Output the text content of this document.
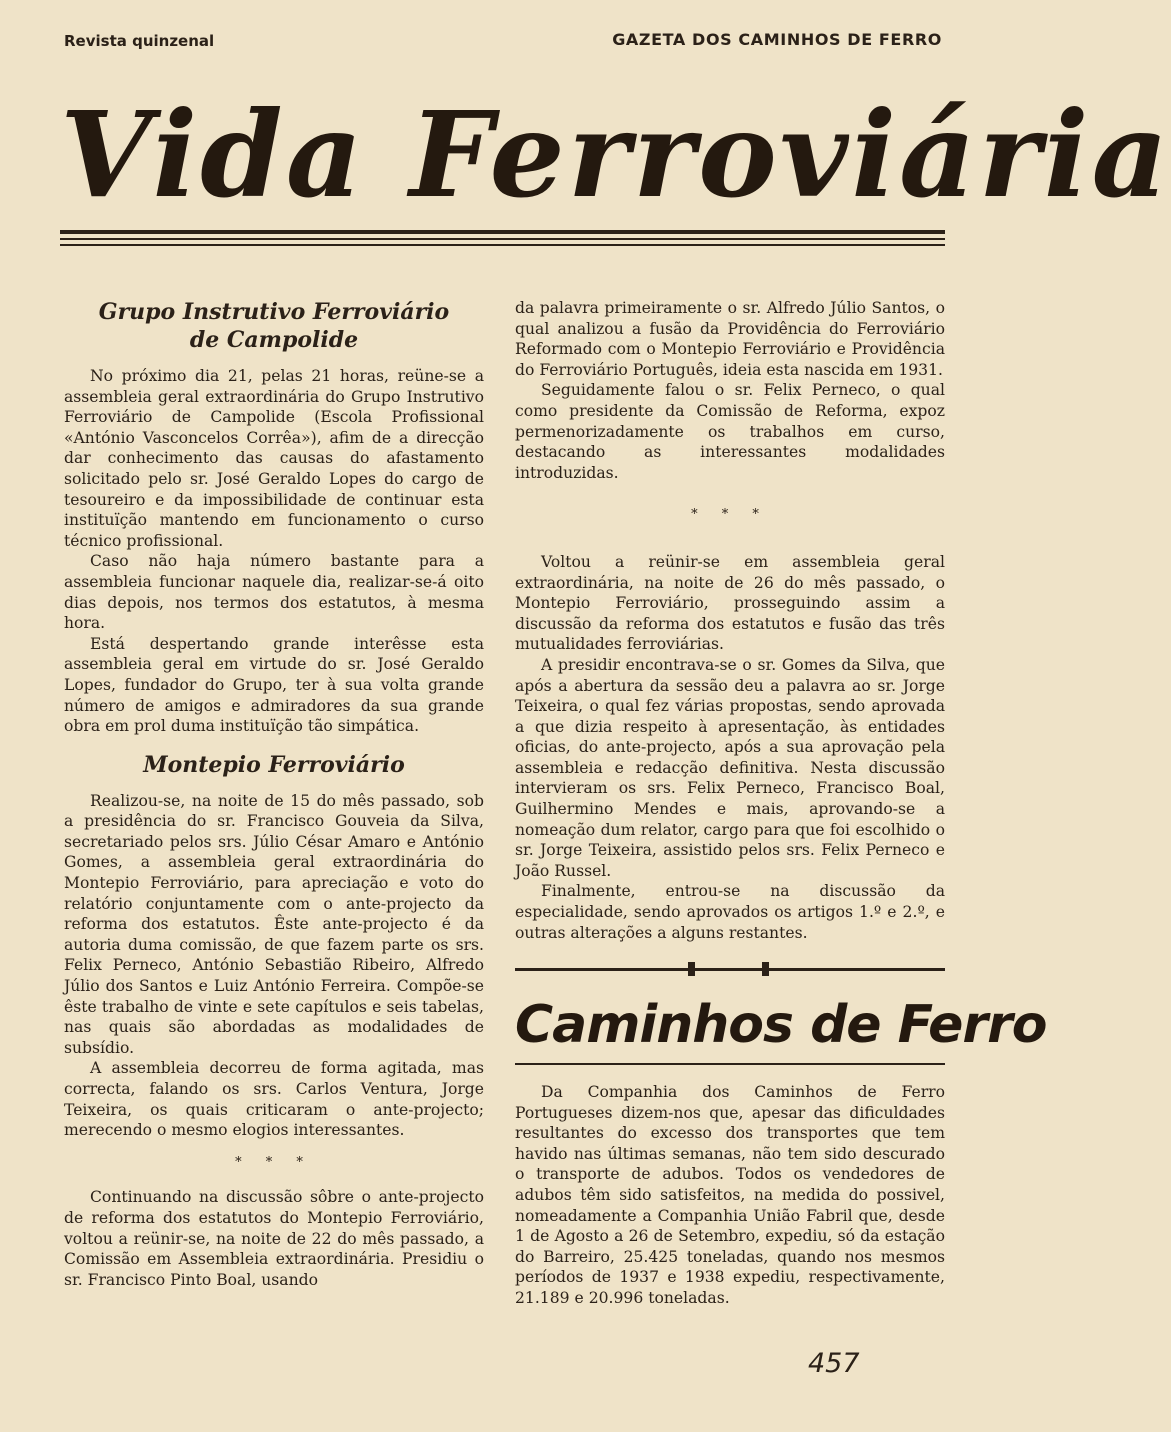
Revista quinzenal	GAZETA DOS CAMINHOS DE FERRO
Vida Ferroviária
Grupo Instrutivo Ferroviário
de Campolide

No próximo dia 21, pelas 21 horas, reüne-se a assembleia geral extraordinária do Grupo Instrutivo Ferroviário de Campolide (Escola Profissional «António Vasconcelos Corrêa»), afim de a direcção dar conhecimento das causas do afastamento solicitado pelo sr. José Geraldo Lopes do cargo de tesoureiro e da impossibilidade de continuar esta instituïção mantendo em funcionamento o curso técnico profissional.

Caso não haja número bastante para a assembleia funcionar naquele dia, realizar-se-á oito dias depois, nos termos dos estatutos, à mesma hora.

Está despertando grande interêsse esta assembleia geral em virtude do sr. José Geraldo Lopes, fundador do Grupo, ter à sua volta grande número de amigos e admiradores da sua grande obra em prol duma instituïção tão simpática.

Montepio Ferroviário

Realizou-se, na noite de 15 do mês passado, sob a presidência do sr. Francisco Gouveia da Silva, secretariado pelos srs. Júlio César Amaro e António Gomes, a assembleia geral extraordinária do Montepio Ferroviário, para apreciação e voto do relatório conjuntamente com o ante-projecto da reforma dos estatutos. Êste ante-projecto é da autoria duma comissão, de que fazem parte os srs. Felix Perneco, António Sebastião Ribeiro, Alfredo Júlio dos Santos e Luiz António Ferreira. Compõe-se êste trabalho de vinte e sete capítulos e seis tabelas, nas quais são abordadas as modalidades de subsídio.

A assembleia decorreu de forma agitada, mas correcta, falando os srs. Carlos Ventura, Jorge Teixeira, os quais criticaram o ante-projecto; merecendo o mesmo elogios interessantes.

* * *

Continuando na discussão sôbre o ante-projecto de reforma dos estatutos do Montepio Ferroviário, voltou a reünir-se, na noite de 22 do mês passado, a Comissão em Assembleia extraordinária. Presidiu o sr. Francisco Pinto Boal, usando

da palavra primeiramente o sr. Alfredo Júlio Santos, o qual analizou a fusão da Providência do Ferroviário Reformado com o Montepio Ferroviário e Providência do Ferroviário Português, ideia esta nascida em 1931.

Seguidamente falou o sr. Felix Perneco, o qual como presidente da Comissão de Reforma, expoz permenorizadamente os trabalhos em curso, destacando as interessantes modalidades introduzidas.

* * *

Voltou a reünir-se em assembleia geral extraordinária, na noite de 26 do mês passado, o Montepio Ferroviário, prosseguindo assim a discussão da reforma dos estatutos e fusão das três mutualidades ferroviárias.

A presidir encontrava-se o sr. Gomes da Silva, que após a abertura da sessão deu a palavra ao sr. Jorge Teixeira, o qual fez várias propostas, sendo aprovada a que dizia respeito à apresentação, às entidades oficias, do ante-projecto, após a sua aprovação pela assembleia e redacção definitiva. Nesta discussão intervieram os srs. Felix Perneco, Francisco Boal, Guilhermino Mendes e mais, aprovando-se a nomeação dum relator, cargo para que foi escolhido o sr. Jorge Teixeira, assistido pelos srs. Felix Perneco e João Russel.

Finalmente, entrou-se na discussão da especialidade, sendo aprovados os artigos 1.º e 2.º, e outras alterações a alguns restantes.

Caminhos de Ferro

Da Companhia dos Caminhos de Ferro Portugueses dizem-nos que, apesar das dificuldades resultantes do excesso dos transportes que tem havido nas últimas semanas, não tem sido descurado o transporte de adubos. Todos os vendedores de adubos têm sido satisfeitos, na medida do possivel, nomeadamente a Companhia União Fabril que, desde 1 de Agosto a 26 de Setembro, expediu, só da estação do Barreiro, 25.425 toneladas, quando nos mesmos períodos de 1937 e 1938 expediu, respectivamente, 21.189 e 20.996 toneladas.

457
